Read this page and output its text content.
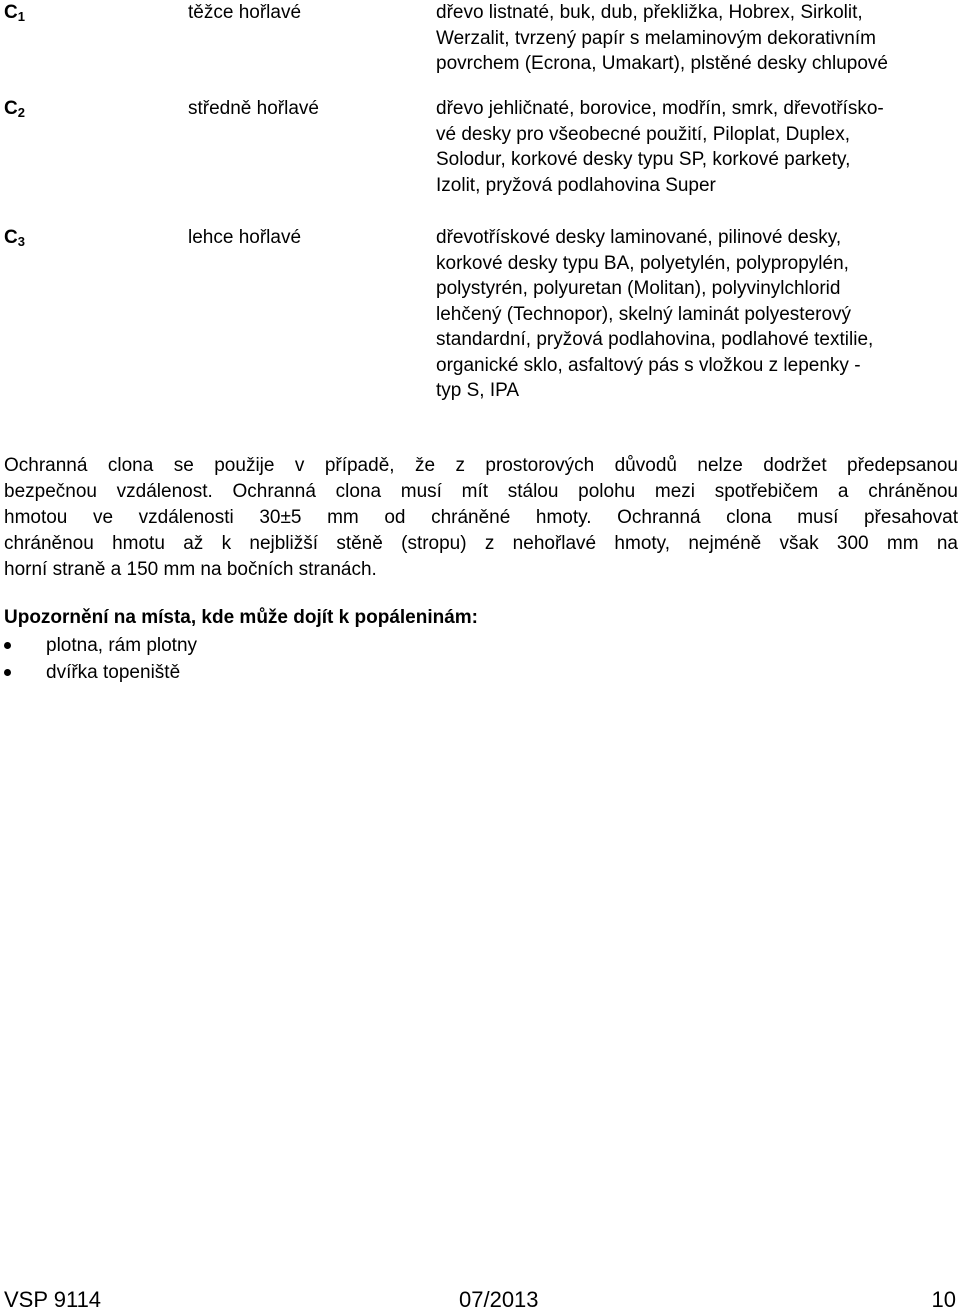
$C_1$	těžce hořlavé	dřevo listnaté, buk, dub, překližka, Hobrex, Sirkolit,
Werzalit, tvrzený papír s melaminovým dekorativním
povrchem (Ecrona, Umakart), plstěné desky chlupové
$C_2$	středně hořlavé	dřevo jehličnaté, borovice, modřín, smrk, dřevotřísko-
vé desky pro všeobecné použití, Piloplat, Duplex,
Solodur, korkové desky typu SP, korkové parkety,
Izolit, pryžová podlahovina Super
$C_3$	lehce hořlavé	dřevotřískové desky laminované, pilinové desky,
korkové desky typu BA, polyetylén, polypropylén,
polystyrén, polyuretan (Molitan), polyvinylchlorid
lehčený (Technopor), skelný laminát polyesterový
standardní, pryžová podlahovina, podlahové textilie,
organické sklo, asfaltový pás s vložkou z lepenky -
typ S, IPA
Ochranná clona se použije v případě, že z prostorových důvodů nelze dodržet předepsanou
bezpečnou vzdálenost. Ochranná clona musí mít stálou polohu mezi spotřebičem a chráněnou
hmotou ve vzdálenosti 30±5 mm od chráněné hmoty. Ochranná clona musí přesahovat
chráněnou hmotu až k nejbližší stěně (stropu) z nehořlavé hmoty, nejméně však 300 mm na
horní straně a 150 mm na bočních stranách.
Upozornění na místa, kde může dojít k popáleninám:
plotna, rám plotny
dvířka topeniště
VSP 9114	07/2013	10
